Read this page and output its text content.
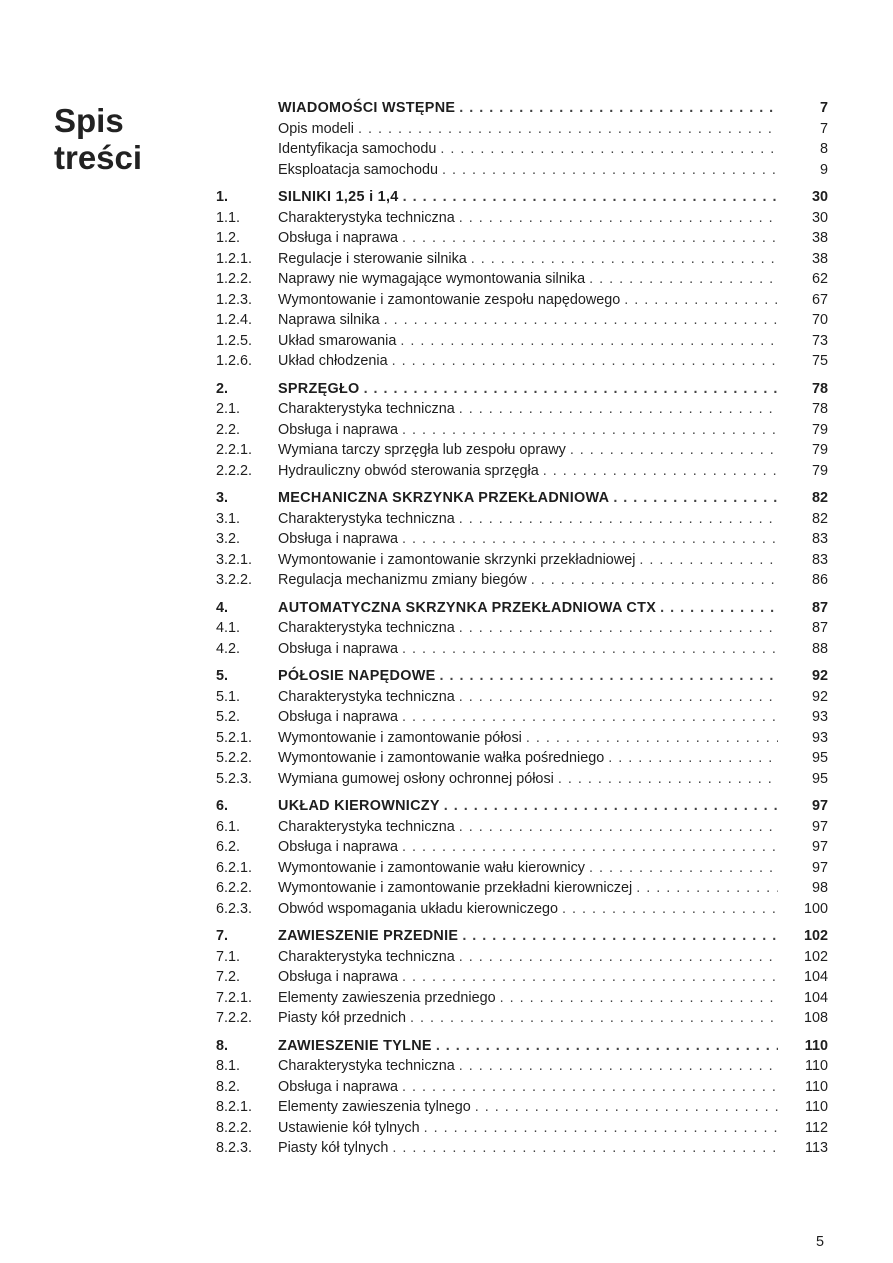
Spis
treści
WIADOMOŚCI WSTĘPNE . . .	7
Opis modeli . . .	7
Identyfikacja samochodu . . .	8
Eksploatacja samochodu . . .	9
1.	SILNIKI 1,25 i 1,4 . . .	30
1.1.	Charakterystyka techniczna . . .	30
1.2.	Obsługa i naprawa . . .	38
1.2.1.	Regulacje i sterowanie silnika . . .	38
1.2.2.	Naprawy nie wymagające wymontowania silnika . . .	62
1.2.3.	Wymontowanie i zamontowanie zespołu napędowego . . .	67
1.2.4.	Naprawa silnika . . .	70
1.2.5.	Układ smarowania . . .	73
1.2.6.	Układ chłodzenia . . .	75
2.	SPRZĘGŁO . . .	78
2.1.	Charakterystyka techniczna . . .	78
2.2.	Obsługa i naprawa . . .	79
2.2.1.	Wymiana tarczy sprzęgła lub zespołu oprawy . . .	79
2.2.2.	Hydrauliczny obwód sterowania sprzęgła . . .	79
3.	MECHANICZNA SKRZYNKA PRZEKŁADNIOWA . . .	82
3.1.	Charakterystyka techniczna . . .	82
3.2.	Obsługa i naprawa . . .	83
3.2.1.	Wymontowanie i zamontowanie skrzynki przekładniowej . . .	83
3.2.2.	Regulacja mechanizmu zmiany biegów . . .	86
4.	AUTOMATYCZNA SKRZYNKA PRZEKŁADNIOWA CTX . . .	87
4.1.	Charakterystyka techniczna . . .	87
4.2.	Obsługa i naprawa . . .	88
5.	PÓŁOSIE NAPĘDOWE . . .	92
5.1.	Charakterystyka techniczna . . .	92
5.2.	Obsługa i naprawa . . .	93
5.2.1.	Wymontowanie i zamontowanie półosi . . .	93
5.2.2.	Wymontowanie i zamontowanie wałka pośredniego . . .	95
5.2.3.	Wymiana gumowej osłony ochronnej półosi . . .	95
6.	UKŁAD KIEROWNICZY . . .	97
6.1.	Charakterystyka techniczna . . .	97
6.2.	Obsługa i naprawa . . .	97
6.2.1.	Wymontowanie i zamontowanie wału kierownicy . . .	97
6.2.2.	Wymontowanie i zamontowanie przekładni kierowniczej . . .	98
6.2.3.	Obwód wspomagania układu kierowniczego . . .	100
7.	ZAWIESZENIE PRZEDNIE . . .	102
7.1.	Charakterystyka techniczna . . .	102
7.2.	Obsługa i naprawa . . .	104
7.2.1.	Elementy zawieszenia przedniego . . .	104
7.2.2.	Piasty kół przednich . . .	108
8.	ZAWIESZENIE TYLNE . . .	110
8.1.	Charakterystyka techniczna . . .	110
8.2.	Obsługa i naprawa . . .	110
8.2.1.	Elementy zawieszenia tylnego . . .	110
8.2.2.	Ustawienie kół tylnych . . .	112
8.2.3.	Piasty kół tylnych . . .	113
5
